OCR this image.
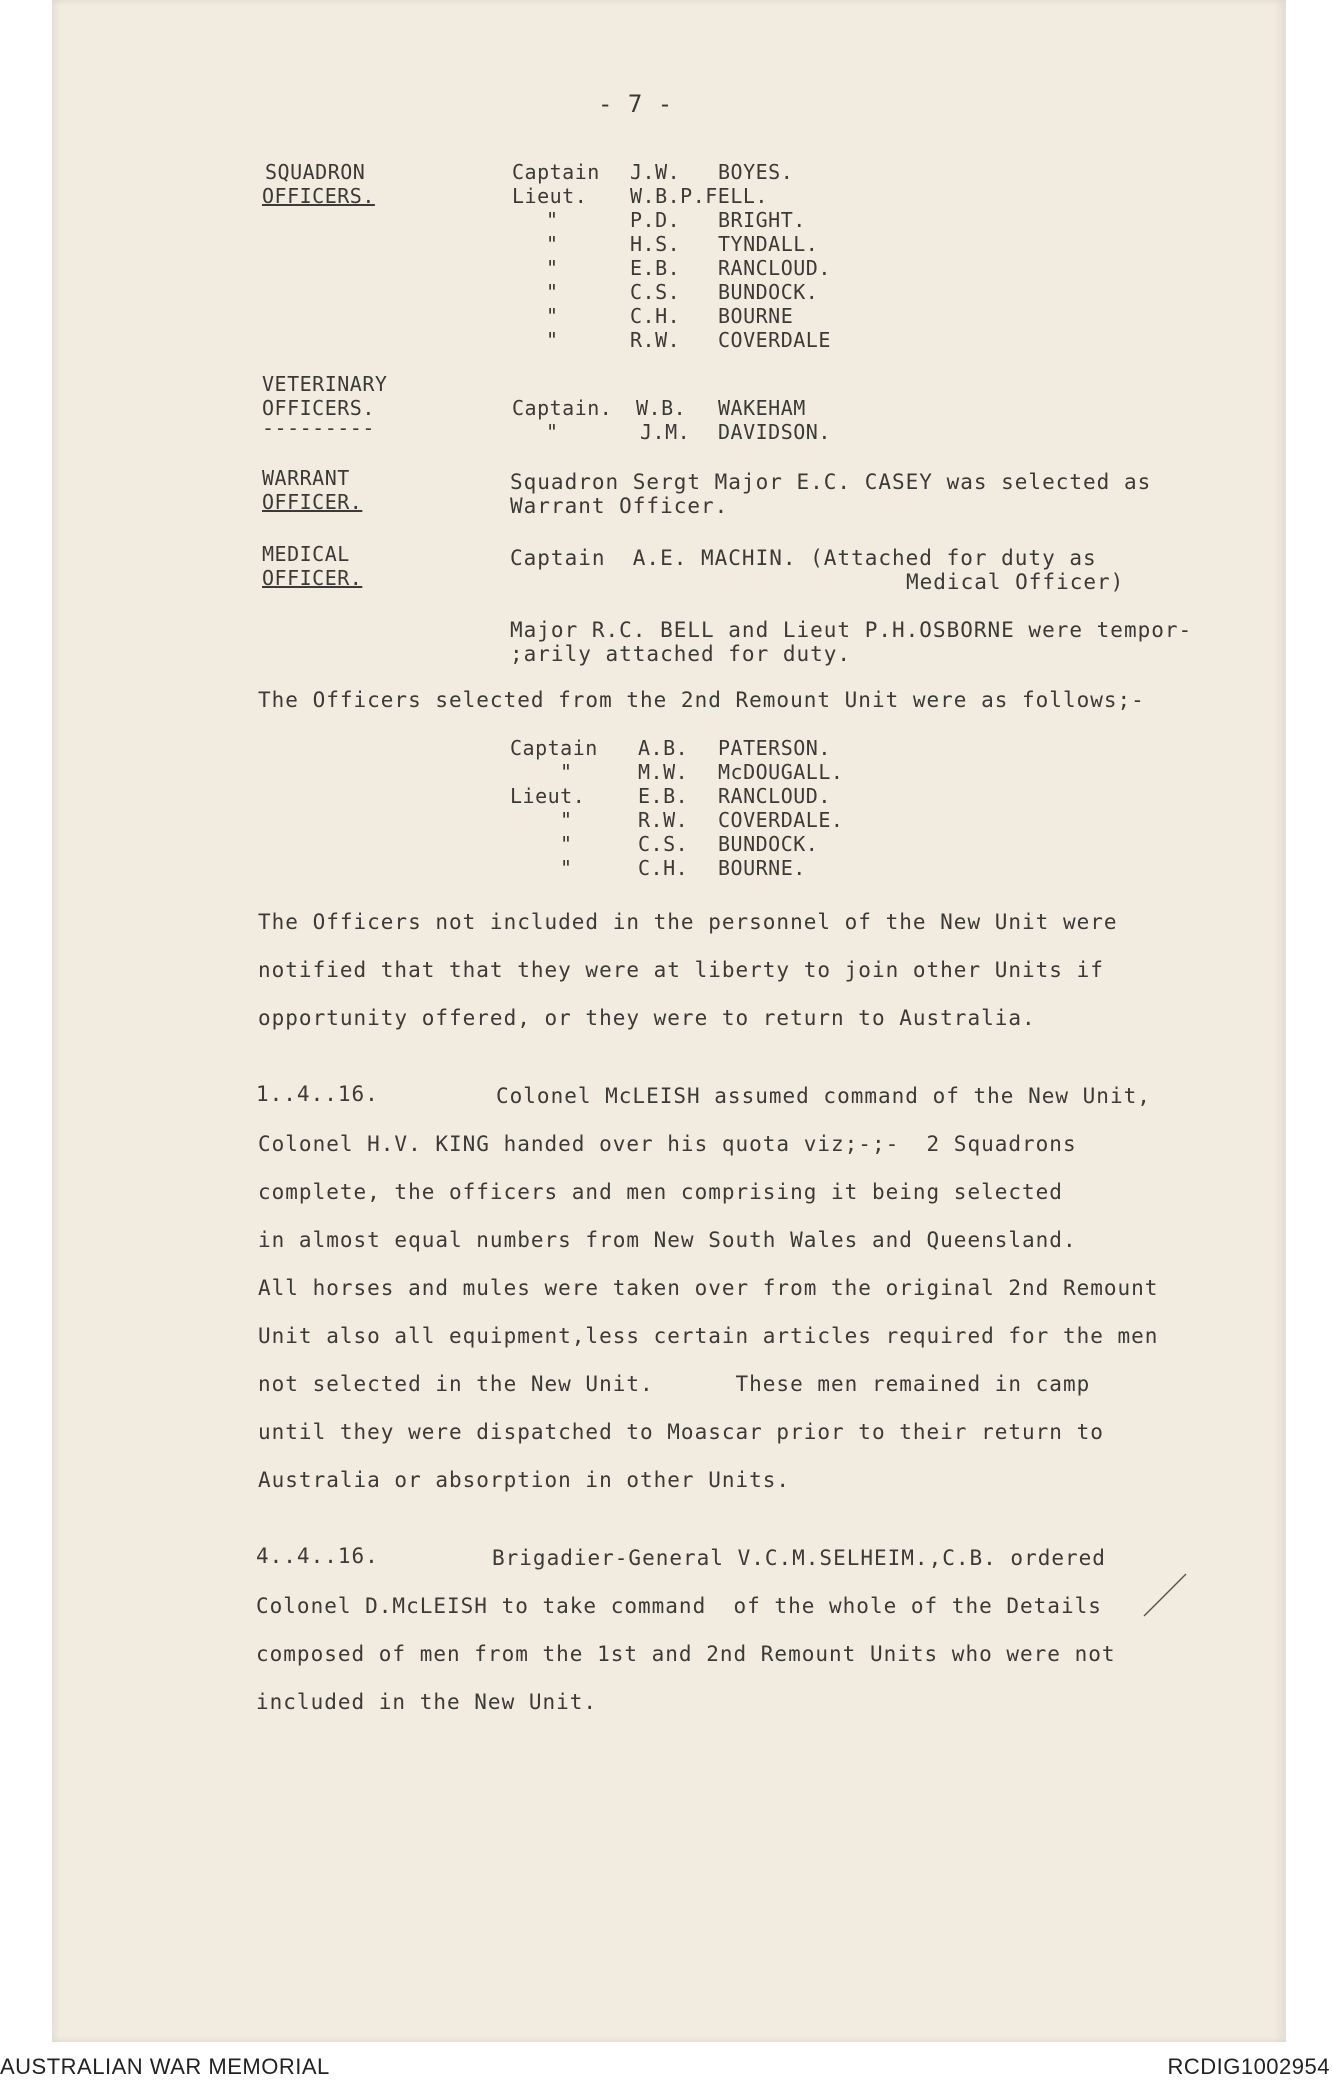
- 7 -
SQUADRON
OFFICERS.
Captain J.W. BOYES.
Lieut. W.B.P.FELL.
"	P.D. BRIGHT.
"	H.S. TYNDALL.
"	E.B. RANCLOUD.
"	C.S. BUNDOCK.
"	C.H. BOURNE
"	R.W. COVERDALE
VETERINARY
OFFICERS.
---------
Captain. W.B. WAKEHAM
"	J.M. DAVIDSON.
WARRANT
OFFICER.
Squadron Sergt Major E.C. CASEY was selected as
Warrant Officer.
MEDICAL
OFFICER.
Captain  A.E. MACHIN. (Attached for duty as
Medical Officer)
Major R.C. BELL and Lieut P.H.OSBORNE were tempor-
;arily attached for duty.
The Officers selected from the 2nd Remount Unit were as follows;-
Captain A.B. PATERSON.
"	M.W. McDOUGALL.
Lieut.	E.B. RANCLOUD.
"	R.W. COVERDALE.
"	C.S. BUNDOCK.
"	C.H. BOURNE.
The Officers not included in the personnel of the New Unit were
notified that that they were at liberty to join other Units if
opportunity offered, or they were to return to Australia.
1..4..16.	Colonel McLEISH assumed command of the New Unit,
Colonel H.V. KING handed over his quota viz;-;-  2 Squadrons
complete, the officers and men comprising it being selected
in almost equal numbers from New South Wales and Queensland.
All horses and mules were taken over from the original 2nd Remount
Unit also all equipment,less certain articles required for the men
not selected in the New Unit.      These men remained in camp
until they were dispatched to Moascar prior to their return to
Australia or absorption in other Units.
4..4..16.	Brigadier-General V.C.M.SELHEIM.,C.B. ordered
Colonel D.McLEISH to take command  of the whole of the Details
composed of men from the 1st and 2nd Remount Units who were not
included in the New Unit.
AUSTRALIAN WAR MEMORIAL	RCDIG1002954
